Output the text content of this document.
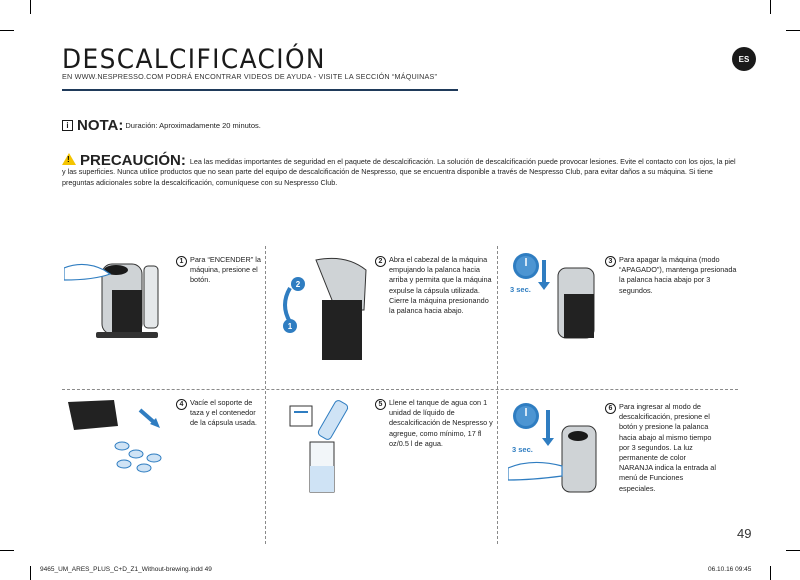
DESCALCIFICACIÓN
EN WWW.NESPRESSO.COM PODRÁ ENCONTRAR VIDEOS DE AYUDA - VISITE LA SECCIÓN “MÁQUINAS”
ES
i NOTA: Duración: Aproximadamente 20 minutos.
! PRECAUCIÓN: Lea las medidas importantes de seguridad en el paquete de descalcificación. La solución de descalcificación puede provocar lesiones. Evite el contacto con los ojos, la piel y las superficies. Nunca utilice productos que no sean parte del equipo de descalcificación de Nespresso, que se encuentra disponible a través de Nespresso Club, para evitar daños a su máquina. Si tiene preguntas adicionales sobre la descalcificación, comuníquese con su Nespresso Club.
1 Para “ENCENDER” la máquina, presione el botón.
2
1
2 Abra el cabezal de la máquina empujando la palanca hacia arriba y permita que la máquina expulse la cápsula utilizada. Cierre la máquina presionando la palanca hacia abajo.
3 sec.
3 Para apagar la máquina (modo “APAGADO”), mantenga presionada la palanca hacia abajo por 3 segundos.
4 Vacíe el soporte de taza y el contenedor de la cápsula usada.
5 Llene el tanque de agua con 1 unidad de líquido de descalcificación de Nespresso y agregue, como mínimo, 17 fl oz/0.5 l de agua.
3 sec.
6 Para ingresar al modo de descalcificación, presione el botón y presione la palanca hacia abajo al mismo tiempo por 3 segundos. La luz permanente de color NARANJA indica la entrada al menú de Funciones especiales.
49
9465_UM_ARES_PLUS_C+D_Z1_Without-brewing.indd 49	06.10.16 09:45
